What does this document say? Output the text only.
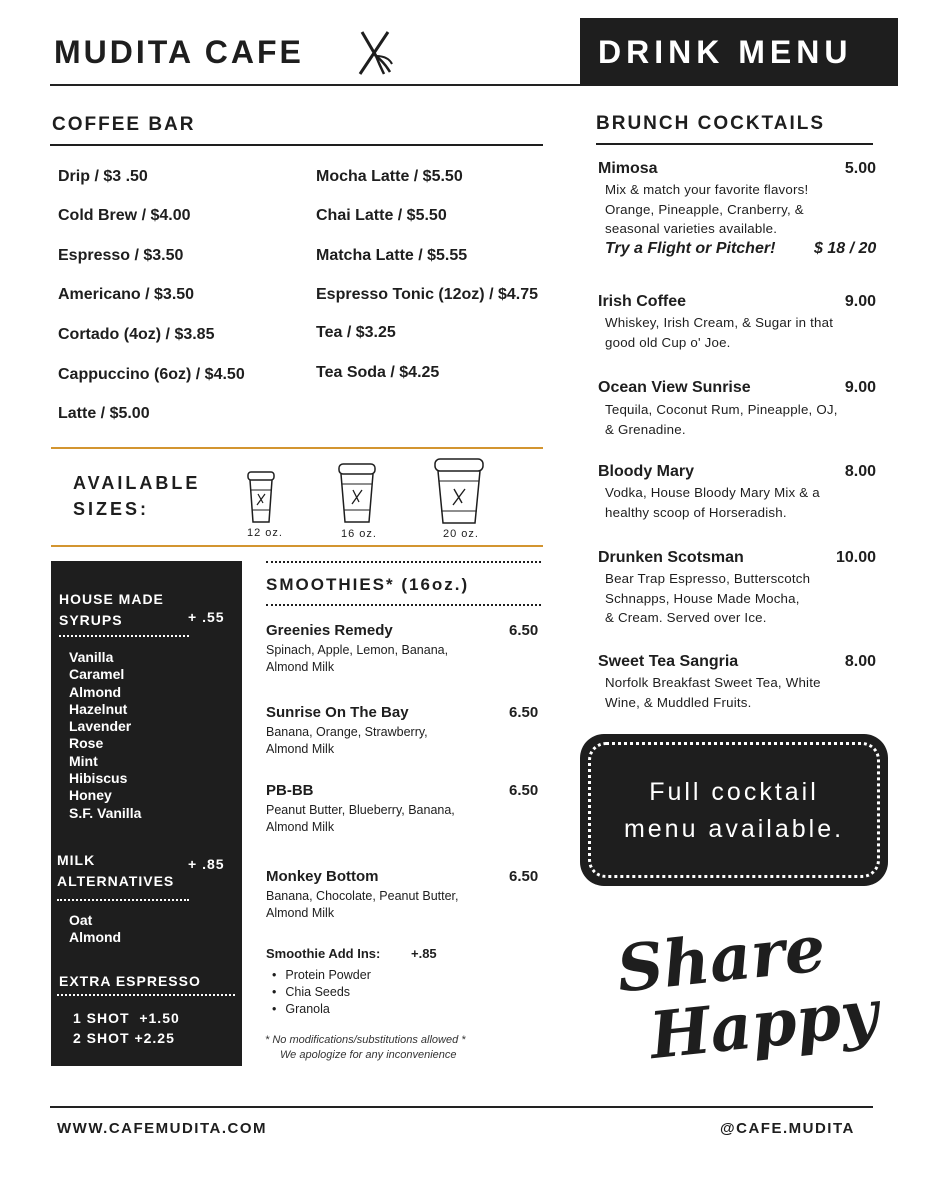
MUDITA CAFE	DRINK MENU
COFFEE BAR
Drip / $3 .50
Cold Brew / $4.00
Espresso / $3.50
Americano / $3.50
Cortado (4oz) / $3.85
Cappuccino (6oz) / $4.50
Latte / $5.00
Mocha Latte / $5.50
Chai Latte / $5.50
Matcha Latte / $5.55
Espresso Tonic (12oz) / $4.75
Tea / $3.25
Tea Soda / $4.25
AVAILABLE
SIZES:
12 oz.	16 oz.	20 oz.
HOUSE MADE
SYRUPS	+ .55
Vanilla
Caramel
Almond
Hazelnut
Lavender
Rose
Mint
Hibiscus
Honey
S.F. Vanilla
MILK
ALTERNATIVES
+ .85
Oat
Almond
EXTRA ESPRESSO
1 SHOT  +1.50
2 SHOT +2.25
SMOOTHIES* (16oz.)
Greenies Remedy	6.50
Spinach, Apple, Lemon, Banana,
Almond Milk
Sunrise On The Bay	6.50
Banana, Orange, Strawberry,
Almond Milk
PB-BB	6.50
Peanut Butter, Blueberry, Banana,
Almond Milk
Monkey Bottom	6.50
Banana, Chocolate, Peanut Butter,
Almond Milk
Smoothie Add Ins: +.85
• Protein Powder
• Chia Seeds
• Granola
* No modifications/substitutions allowed *
We apologize for any inconvenience
BRUNCH COCKTAILS
Mimosa	5.00
Mix & match your favorite flavors!
Orange, Pineapple, Cranberry, &
seasonal varieties available.
Try a Flight or Pitcher! $ 18 / 20
Irish Coffee	9.00
Whiskey, Irish Cream, & Sugar in that
good old Cup o' Joe.
Ocean View Sunrise	9.00
Tequila, Coconut Rum, Pineapple, OJ,
& Grenadine.
Bloody Mary	8.00
Vodka, House Bloody Mary Mix & a
healthy scoop of Horseradish.
Drunken Scotsman	10.00
Bear Trap Espresso, Butterscotch
Schnapps, House Made Mocha,
& Cream. Served over Ice.
Sweet Tea Sangria	8.00
Norfolk Breakfast Sweet Tea, White
Wine, & Muddled Fruits.
Full cocktail
menu available.
Share
Happy
WWW.CAFEMUDITA.COM	@CAFE.MUDITA
